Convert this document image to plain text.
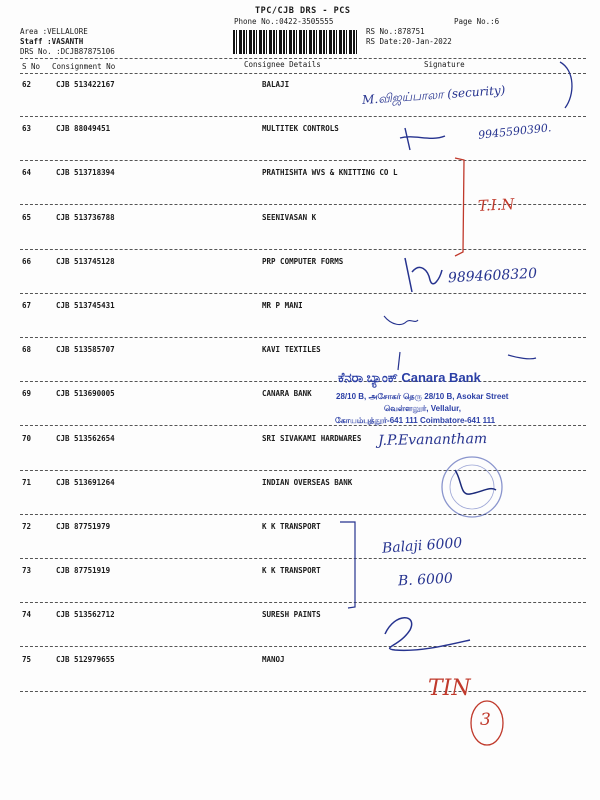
TPC/CJB DRS - PCS
Phone No.:0422-3505555	Page No.:6
Area :VELLALORE
Staff :VASANTH
DRS No. :DCJB87875106
RS No.:878751
RS Date:20-Jan-2022
S No Consignment No	Consignee Details	Signature
62	CJB 513422167	BALAJI
63	CJB 88049451	MULTITEK CONTROLS
64	CJB 513718394	PRATHISHTA WVS & KNITTING CO L
65	CJB 513736788	SEENIVASAN K
66	CJB 513745128	PRP COMPUTER FORMS
67	CJB 513745431	MR P MANI
68	CJB 513585707	KAVI TEXTILES
69	CJB 513690005	CANARA BANK
70	CJB 513562654	SRI SIVAKAMI HARDWARES
71	CJB 513691264	INDIAN OVERSEAS BANK
72	CJB 87751979	K K TRANSPORT
73	CJB 87751919	K K TRANSPORT
74	CJB 513562712	SURESH PAINTS
75	CJB 512979655	MANOJ
M.விஜய்பாலா (security)
9945590390.
T.I.N
9894608320
J.P.Evanantham
Balaji 6000
B. 6000
TIN
3
ಕೆನರಾ ಬ್ಯಾಂಕ್ Canara Bank
28/10 B, அசோகர் தெரு 28/10 B, Asokar Street
வெள்ளலூர், Vellalur,
கோயம்புத்தூர்-641 111 Coimbatore-641 111
